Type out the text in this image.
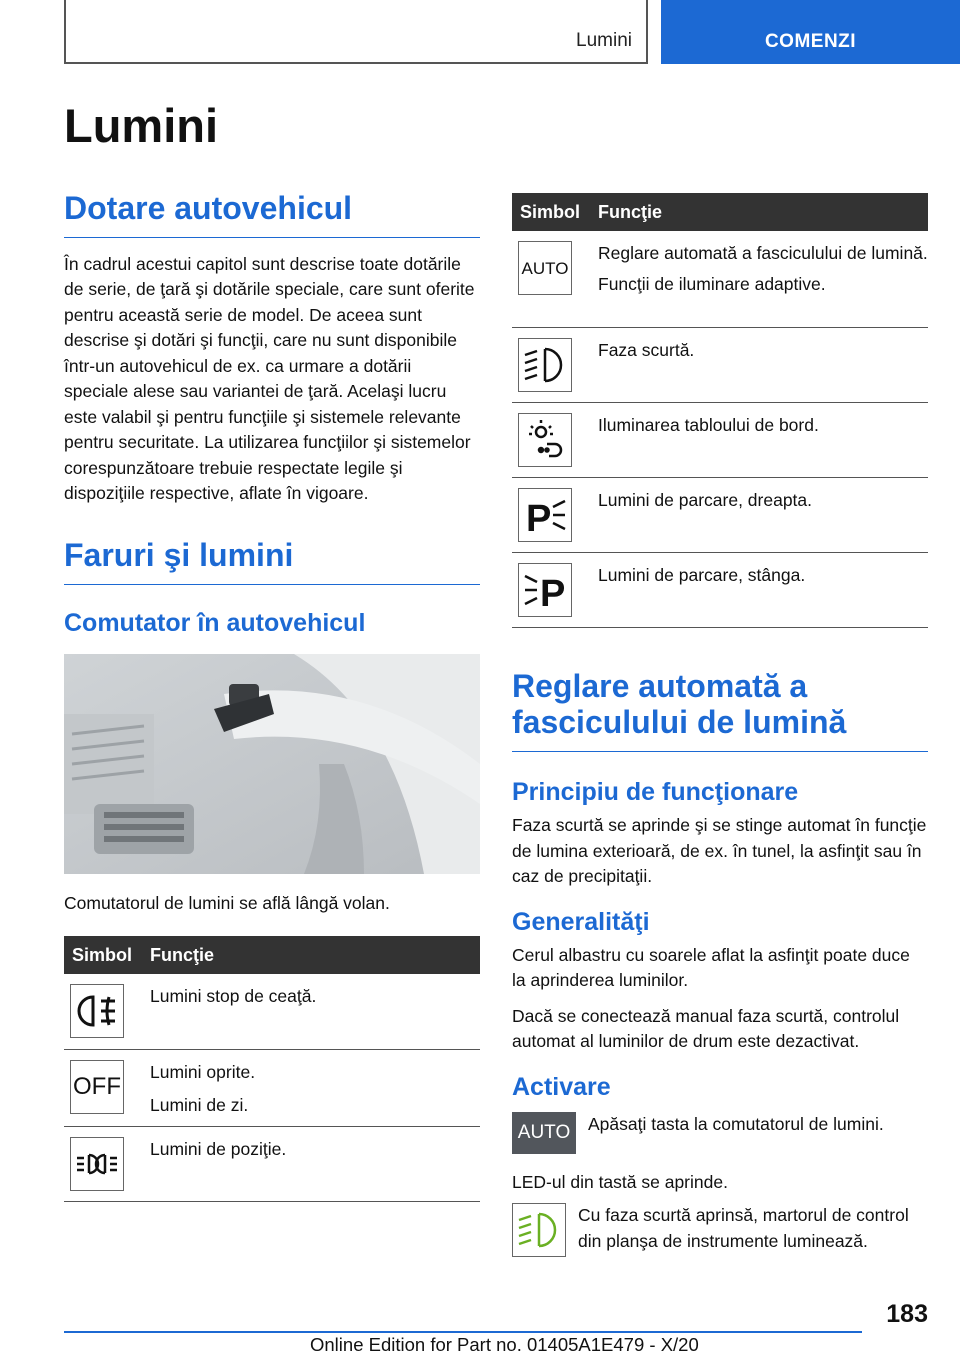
Lumini	COMENZI
Lumini
Dotare autovehicul

În cadrul acestui capitol sunt descrise toate dotările de serie, de ţară şi dotările speciale, care sunt oferite pentru această serie de model. De aceea sunt descrise şi dotări şi funcţii, care nu sunt disponibile într-un autovehicul de ex. ca urmare a dotării speciale alese sau variantei de ţară. Acelaşi lucru este valabil şi pentru funcţiile şi sistemele relevante pentru securitate. La utilizarea funcţiilor şi sistemelor corespunzătoare trebuie respectate legile şi dispoziţiile respective, aflate în vigoare.

Faruri şi lumini
Comutator în autovehicul

Comutatorul de lumini se află lângă volan.

Simbol	Funcţie

	Lumini stop de ceaţă.

OFF	Lumini oprite.
Lumini de zi.

	Lumini de poziţie.
Simbol	Funcţie

AUTO	Reglare automată a fasciculului de lumină.
Funcţii de iluminare adaptive.

	Faza scurtă.

	Iluminarea tabloului de bord.

P	Lumini de parcare, dreapta.

P	Lumini de parcare, stânga.
Reglare automată a fasciculului de lumină
Principiu de funcţionare

Faza scurtă se aprinde şi se stinge automat în funcţie de lumina exterioară, de ex. în tunel, la asfinţit sau în caz de precipitaţii.

Generalităţi

Cerul albastru cu soarele aflat la asfinţit poate duce la aprinderea luminilor.

Dacă se conectează manual faza scurtă, controlul automat al luminilor de drum este dezactivat.

Activare
AUTO Apăsaţi tasta la comutatorul de lumini.

LED-ul din tastă se aprinde.

Cu faza scurtă aprinsă, martorul de control din planşa de instrumente luminează.

183
Online Edition for Part no. 01405A1E479 - X/20
